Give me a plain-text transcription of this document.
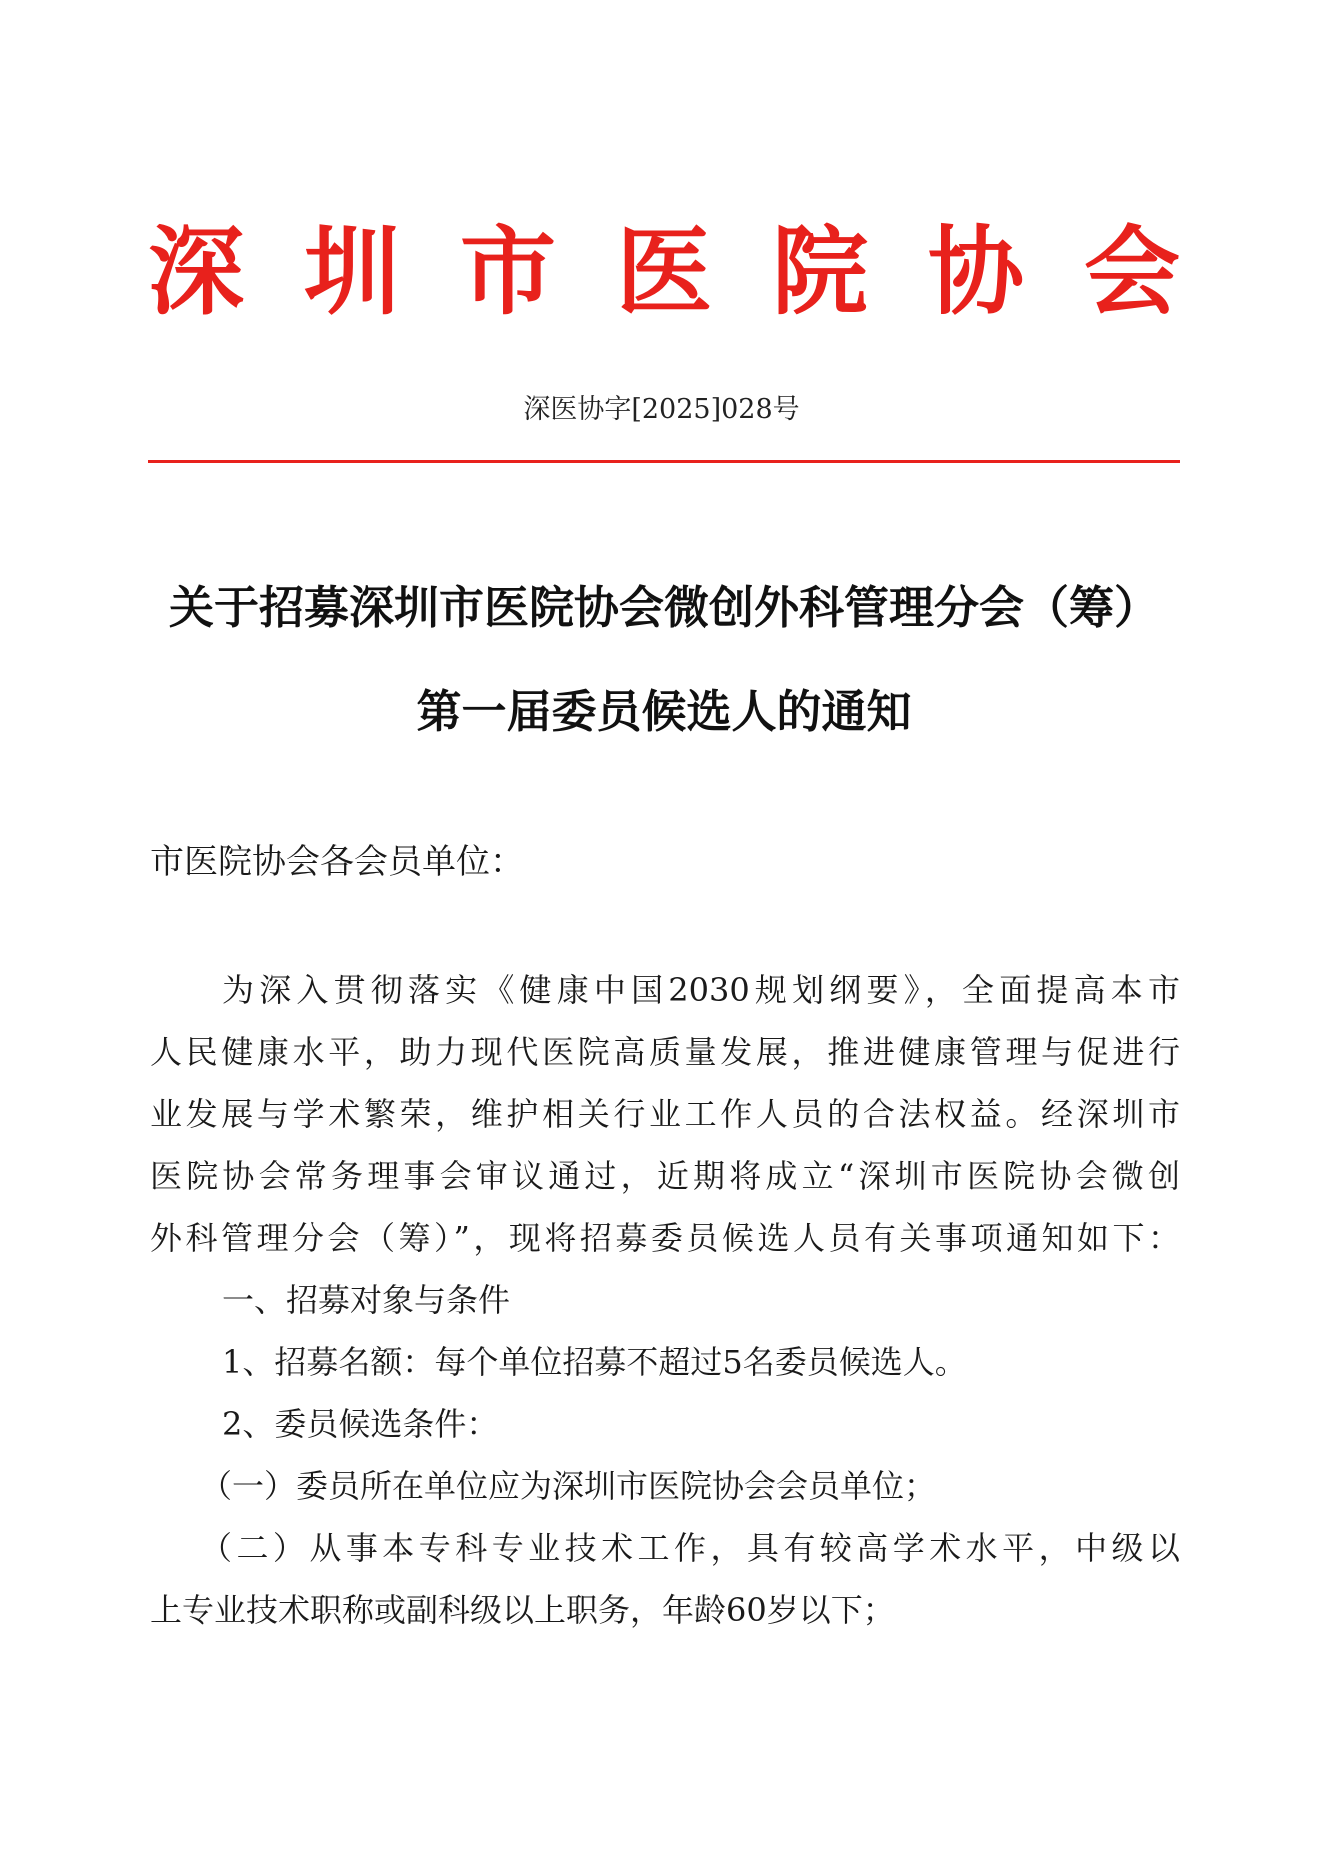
深 圳 市 医 院 协 会
深医协字[2025]028号
关于招募深圳市医院协会微创外科管理分会（筹）
第一届委员候选人的通知
市医院协会各会员单位：
为深入贯彻落实《健康中国2030规划纲要》，全面提高本市
人民健康水平，助力现代医院高质量发展，推进健康管理与促进行
业发展与学术繁荣，维护相关行业工作人员的合法权益。经深圳市
医院协会常务理事会审议通过，近期将成立“深圳市医院协会微创
外科管理分会（筹）”，现将招募委员候选人员有关事项通知如下：
一、招募对象与条件
1、招募名额：每个单位招募不超过5名委员候选人。
2、委员候选条件：
（一）委员所在单位应为深圳市医院协会会员单位；
（二）从事本专科专业技术工作，具有较高学术水平，中级以
上专业技术职称或副科级以上职务，年龄60岁以下；
